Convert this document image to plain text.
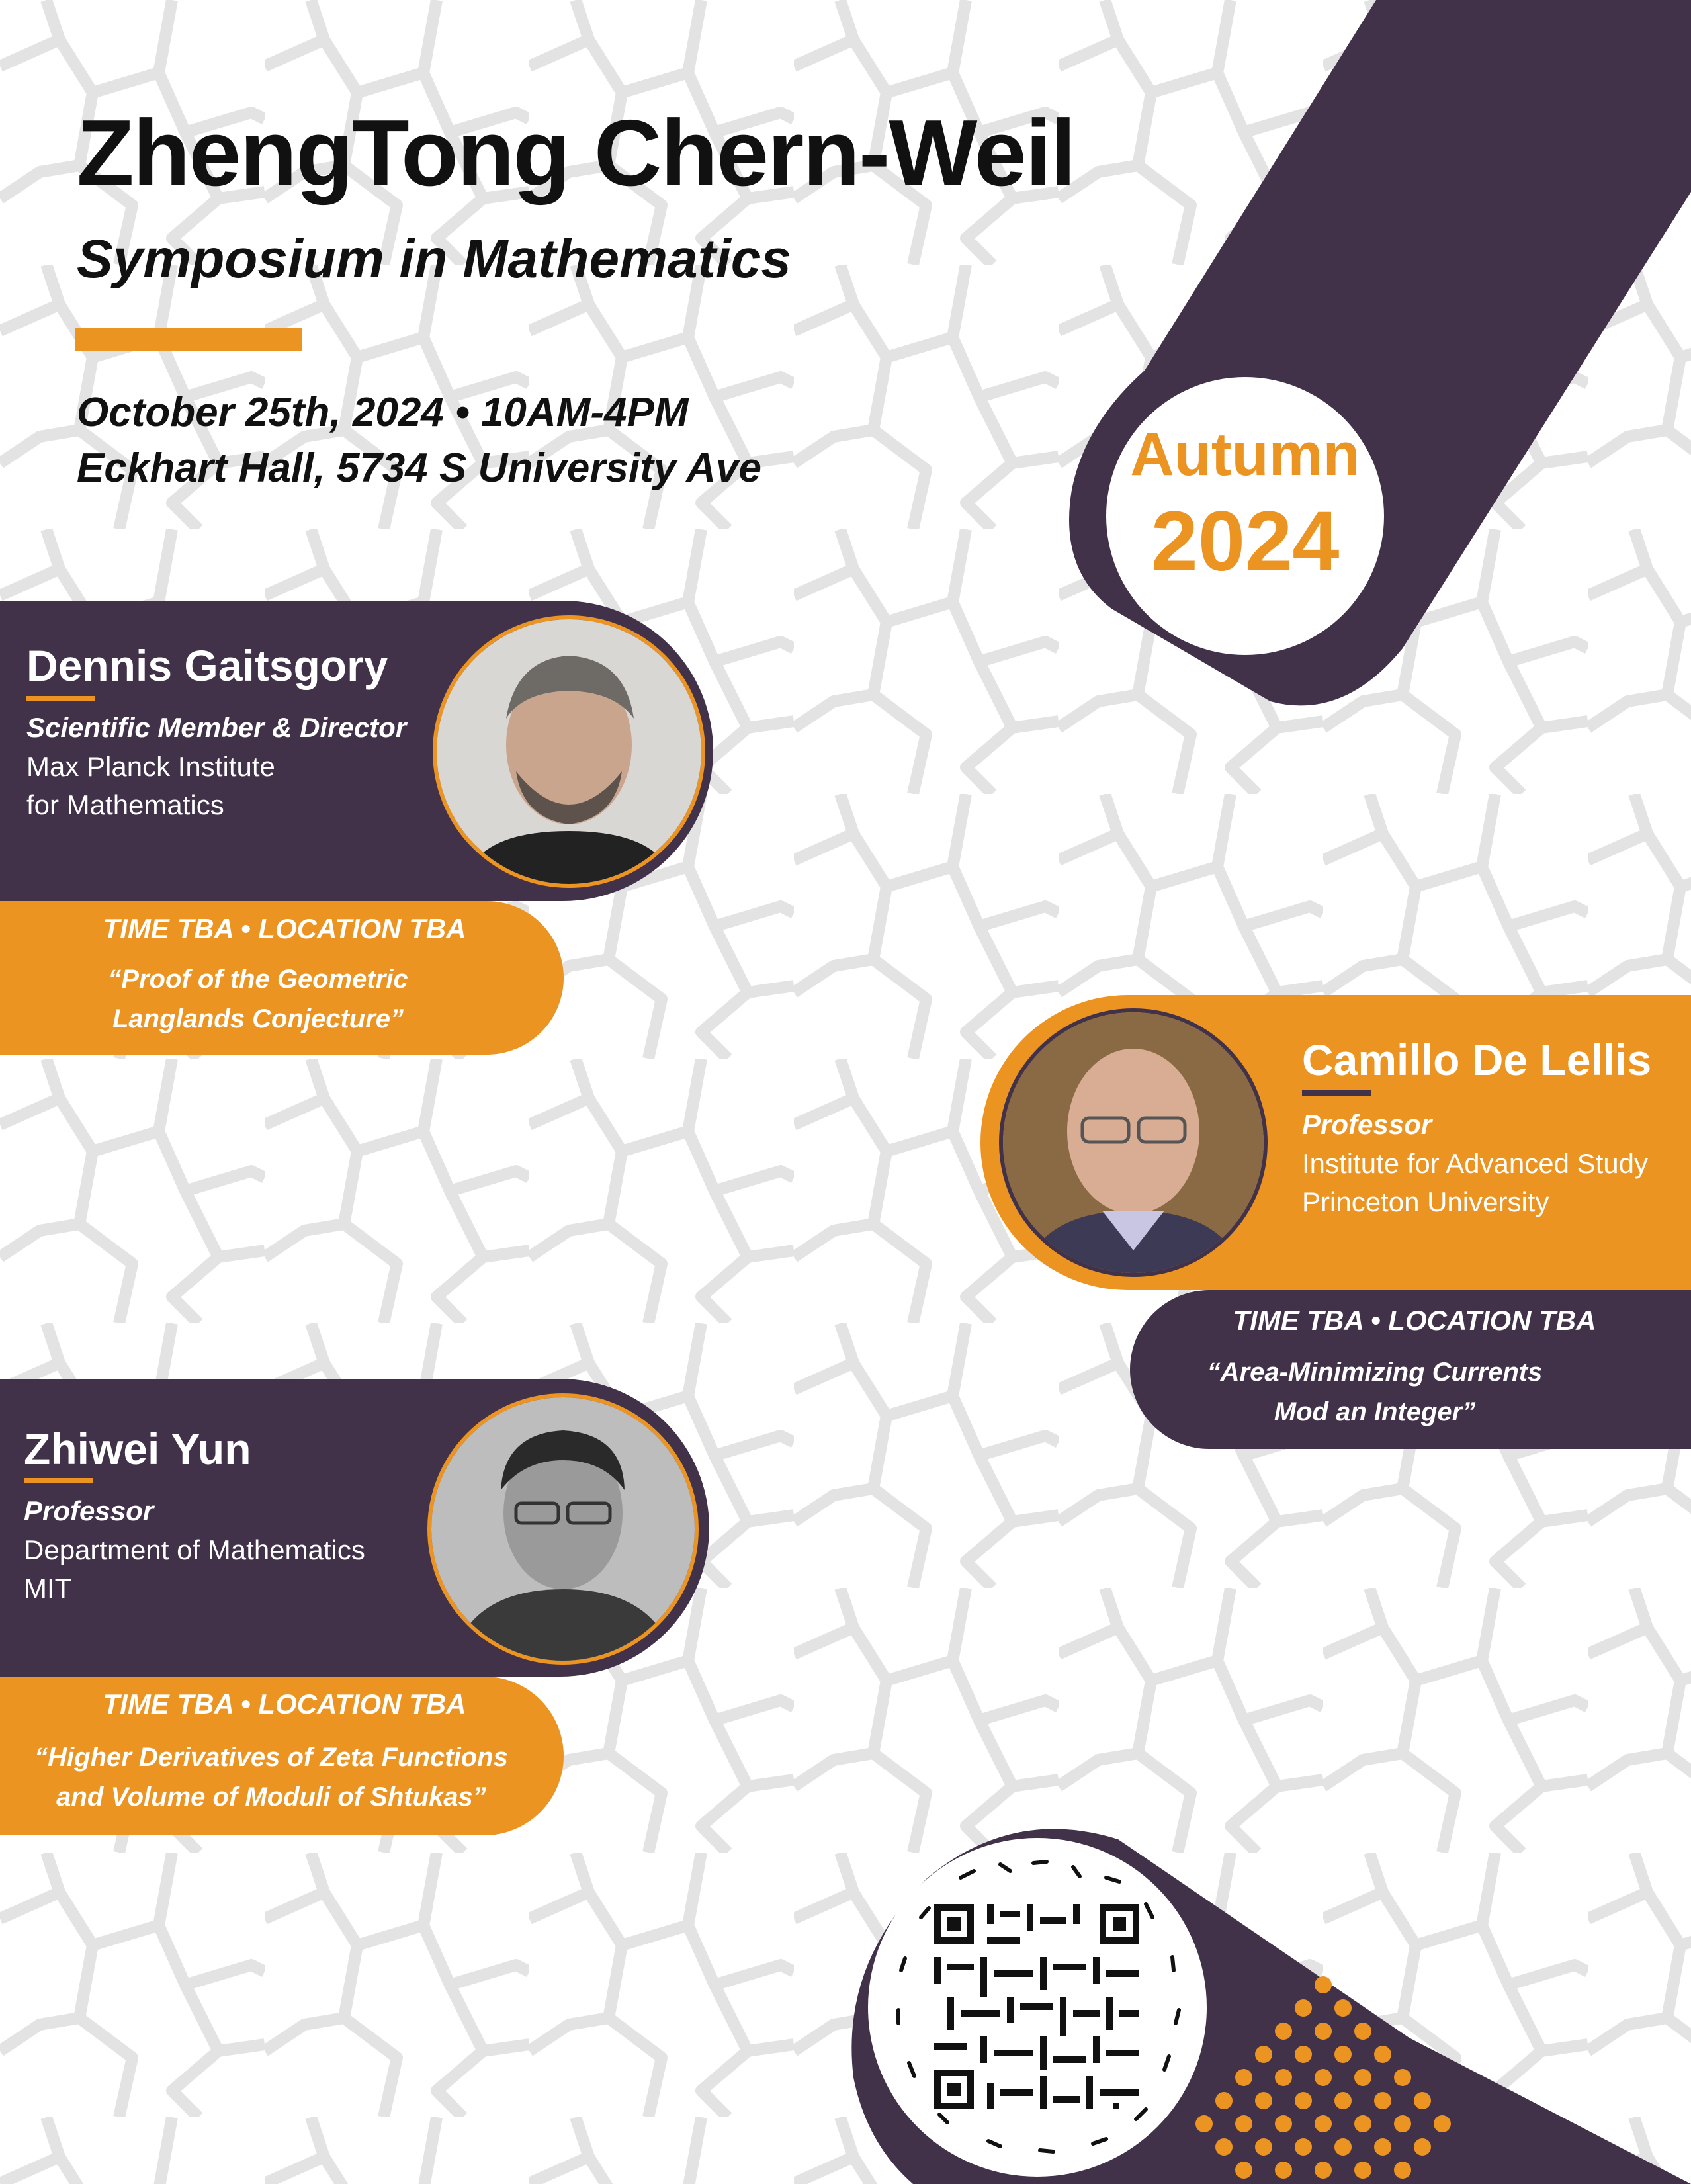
Autumn
2024
ZhengTong Chern-Weil
Symposium in Mathematics
October 25th, 2024 • 10AM-4PM
Eckhart Hall, 5734 S University Ave
TIME TBA • LOCATION TBA
“Proof of the Geometric
Langlands Conjecture”
Dennis Gaitsgory
Scientific Member & Director
Max Planck Institute
for Mathematics
TIME TBA • LOCATION TBA
“Area-Minimizing Currents
Mod an Integer”
Camillo De Lellis
Professor
Institute for Advanced Study
Princeton University
TIME TBA • LOCATION TBA
“Higher Derivatives of Zeta Functions
and Volume of Moduli of Shtukas”
Zhiwei Yun
Professor
Department of Mathematics
MIT
